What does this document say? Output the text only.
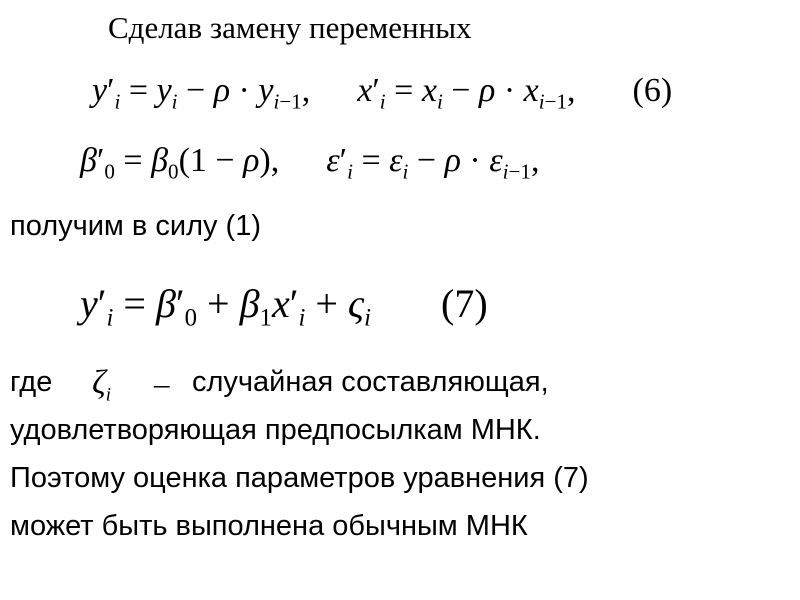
Сделав замену переменных
$y'_i = y_i - \rho \cdot y_{i-1}$, $x'_i = x_i - \rho \cdot x_{i-1}$, (6)
$\beta'_0 = \beta_0(1 - \rho)$, $\varepsilon'_i = \varepsilon_i - \rho \cdot \varepsilon_{i-1}$,
получим в силу (1)
$y'_i = \beta'_0 + \beta_1x'_i + \varsigma_i$ (7)
где $\zeta_i$ – случайная составляющая,
удовлетворяющая предпосылкам МНК.
Поэтому оценка параметров уравнения (7)
может быть выполнена обычным МНК
